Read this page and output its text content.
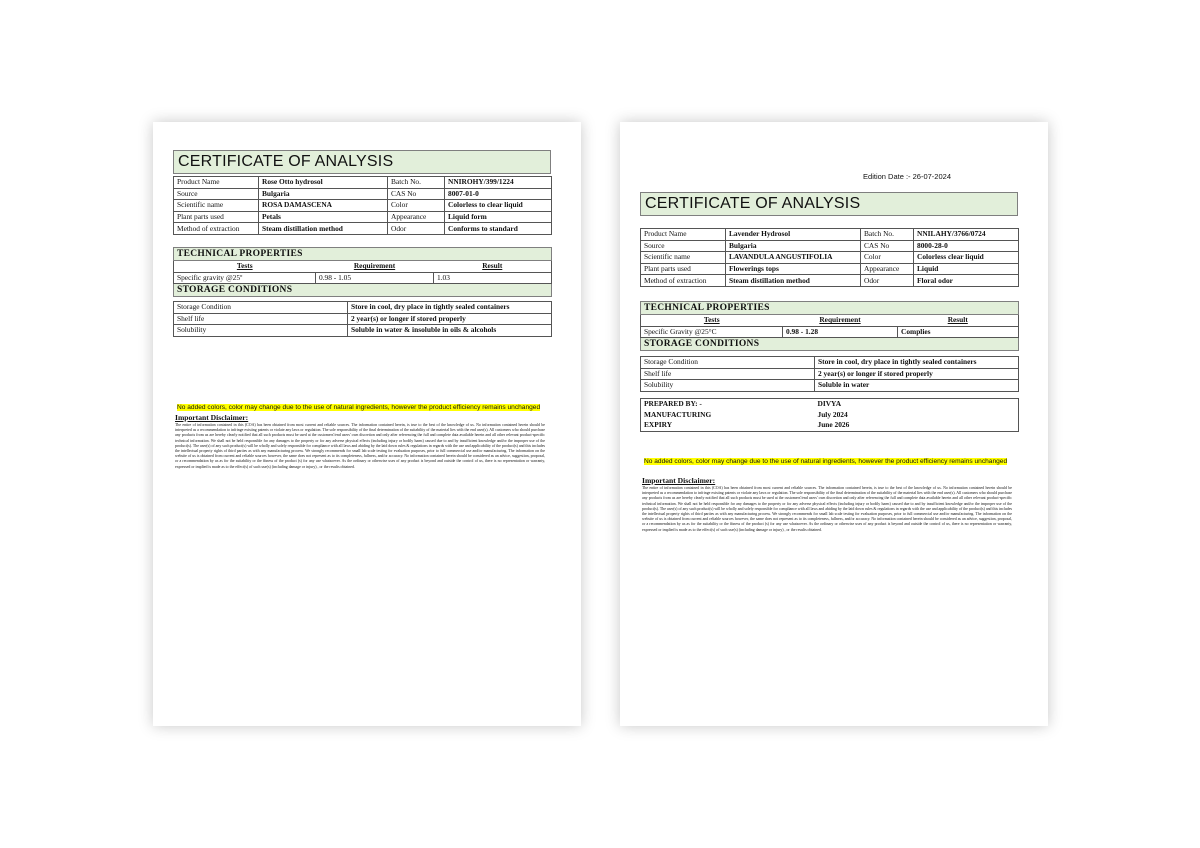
CERTIFICATE OF ANALYSIS
Product Name	Rose Otto hydrosol	Batch No.	NNIROHY/399/1224
Source	Bulgaria	CAS No	8007-01-0
Scientific name	ROSA DAMASCENA	Color	Colorless to clear liquid
Plant parts used	Petals	Appearance	Liquid form
Method of extraction	Steam distillation method	Odor	Conforms to standard
TECHNICAL PROPERTIES		
Tests	Requirement	Result
Specific gravity @25º	0.98 - 1.05	1.03
STORAGE CONDITIONS		
Storage Condition	Store in cool, dry place in tightly sealed containers
Shelf life	2 year(s) or longer if stored properly
Solubility	Soluble in water & insoluble in oils & alcohols
No added colors, color may change due to the use of natural ingredients, however the product efficiency remains unchanged
Important Disclaimer:

The entire of information contained in this (COA) has been obtained from most current and reliable sources. The information contained herein, is true to the best of the knowledge of us. No information contained herein should be interpreted as a recommendation to infringe existing patents or violate any laws or regulation. The sole responsibility of the final determination of the suitability of the material lies with the end user(s). All customers who should purchase any products from us are hereby clearly notified that all such products must be used at the customers'/end users' own discretion and only after referencing the full and complete data available herein and all other relevant product-specific technical information. We shall not be held responsible for any damages to the property or for any adverse physical effects (including injury or bodily harm) caused due to and by insufficient knowledge and/or the improper use of the product(s). The user(s) of any such product(s) will be wholly and solely responsible for compliance with all laws and abiding by the laid down rules & regulations in regards with the use and applicability of the product(s) and this includes the intellectual property rights of third parties as with any manufacturing process. We strongly recommends for small lab scale testing for evaluation purposes, prior to full commercial use and/or manufacturing. The information on the website of us is obtained from current and reliable sources however, the same does not represent as to its completeness, fullness, and/or accuracy. No information contained herein should be considered as an advice, suggestion, proposal, or a recommendation by us as for the suitability or the fitness of the product (s) for any use whatsoever. As the ordinary or otherwise uses of any product is beyond and outside the control of us, there is no representation or warranty, expressed or implied is made as to the effect(s) of such use(s) (including damage or injury) , or the results obtained.

Edition Date :- 26-07-2024
CERTIFICATE OF ANALYSIS
Product Name	Lavender Hydrosol	Batch No.	NNILAHY/3766/0724
Source	Bulgaria	CAS No	8000-28-0
Scientific name	LAVANDULA ANGUSTIFOLIA	Color	Colorless clear liquid
Plant parts used	Flowerings tops	Appearance	Liquid
Method of extraction	Steam distillation method	Odor	Floral odor
TECHNICAL PROPERTIES		
Tests	Requirement	Result
Specific Gravity @25°C	0.98 - 1.28	Complies
STORAGE CONDITIONS		
Storage Condition	Store in cool, dry place in tightly sealed containers
Shelf life	2 year(s) or longer if stored properly
Solubility	Soluble in water
PREPARED BY: -	DIVYA
MANUFACTURING	July 2024
EXPIRY	June 2026
No added colors, color may change due to the use of natural ingredients, however the product efficiency remains unchanged
Important Disclaimer:

The entire of information contained in this (COA) has been obtained from most current and reliable sources. The information contained herein, is true to the best of the knowledge of us. No information contained herein should be interpreted as a recommendation to infringe existing patents or violate any laws or regulation. The sole responsibility of the final determination of the suitability of the material lies with the end user(s). All customers who should purchase any products from us are hereby clearly notified that all such products must be used at the customers'/end users' own discretion and only after referencing the full and complete data available herein and all other relevant product-specific technical information. We shall not be held responsible for any damages to the property or for any adverse physical effects (including injury or bodily harm) caused due to and by insufficient knowledge and/or the improper use of the product(s). The user(s) of any such product(s) will be wholly and solely responsible for compliance with all laws and abiding by the laid down rules & regulations in regards with the use and applicability of the product(s) and this includes the intellectual property rights of third parties as with any manufacturing process. We strongly recommends for small lab scale testing for evaluation purposes, prior to full commercial use and/or manufacturing. The information on the website of us is obtained from current and reliable sources however, the same does not represent as to its completeness, fullness, and/or accuracy. No information contained herein should be considered as an advice, suggestion, proposal, or a recommendation by us as for the suitability or the fitness of the product (s) for any use whatsoever. As the ordinary or otherwise uses of any product is beyond and outside the control of us, there is no representation or warranty, expressed or implied is made as to the effect(s) of such use(s) (including damage or injury) , or the results obtained.
